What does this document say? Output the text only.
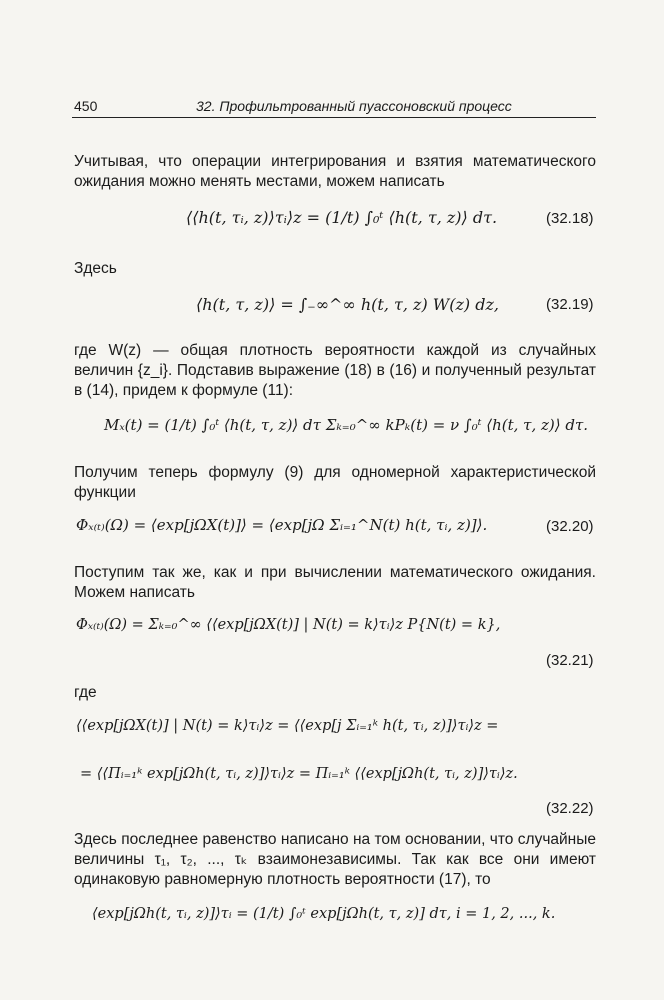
450	32. Профильтрованный пуассоновский процесс
Учитывая, что операции интегрирования и взятия математического ожидания можно менять местами, можем написать
⟨⟨h(t, τᵢ, z)⟩τᵢ⟩z = (1/t) ∫₀ᵗ ⟨h(t, τ, z)⟩ dτ.	(32.18)
Здесь
⟨h(t, τ, z)⟩ = ∫₋∞^∞ h(t, τ, z) W(z) dz,	(32.19)
где W(z) — общая плотность вероятности каждой из случайных величин {z_i}. Подставив выражение (18) в (16) и полученный результат в (14), придем к формуле (11):
Mₓ(t) = (1/t) ∫₀ᵗ ⟨h(t, τ, z)⟩ dτ Σₖ₌₀^∞ kPₖ(t) = ν ∫₀ᵗ ⟨h(t, τ, z)⟩ dτ.
Получим теперь формулу (9) для одномерной характеристической функции
Φₓ₍ₜ₎(Ω) = ⟨exp[jΩX(t)]⟩ = ⟨exp[jΩ Σᵢ₌₁^N(t) h(t, τᵢ, z)]⟩.	(32.20)
Поступим так же, как и при вычислении математического ожидания. Можем написать
Φₓ₍ₜ₎(Ω) = Σₖ₌₀^∞ ⟨⟨exp[jΩX(t)] | N(t) = k⟩τᵢ⟩z P{N(t) = k},
(32.21)
где
⟨⟨exp[jΩX(t)] | N(t) = k⟩τᵢ⟩z = ⟨⟨exp[j Σᵢ₌₁ᵏ h(t, τᵢ, z)]⟩τᵢ⟩z =
= ⟨⟨Πᵢ₌₁ᵏ exp[jΩh(t, τᵢ, z)]⟩τᵢ⟩z = Πᵢ₌₁ᵏ ⟨⟨exp[jΩh(t, τᵢ, z)]⟩τᵢ⟩z.
(32.22)
Здесь последнее равенство написано на том основании, что случайные величины τ₁, τ₂, ..., τₖ взаимонезависимы. Так как все они имеют одинаковую равномерную плотность вероятности (17), то
⟨exp[jΩh(t, τᵢ, z)]⟩τᵢ = (1/t) ∫₀ᵗ exp[jΩh(t, τ, z)] dτ, i = 1, 2, ..., k.
